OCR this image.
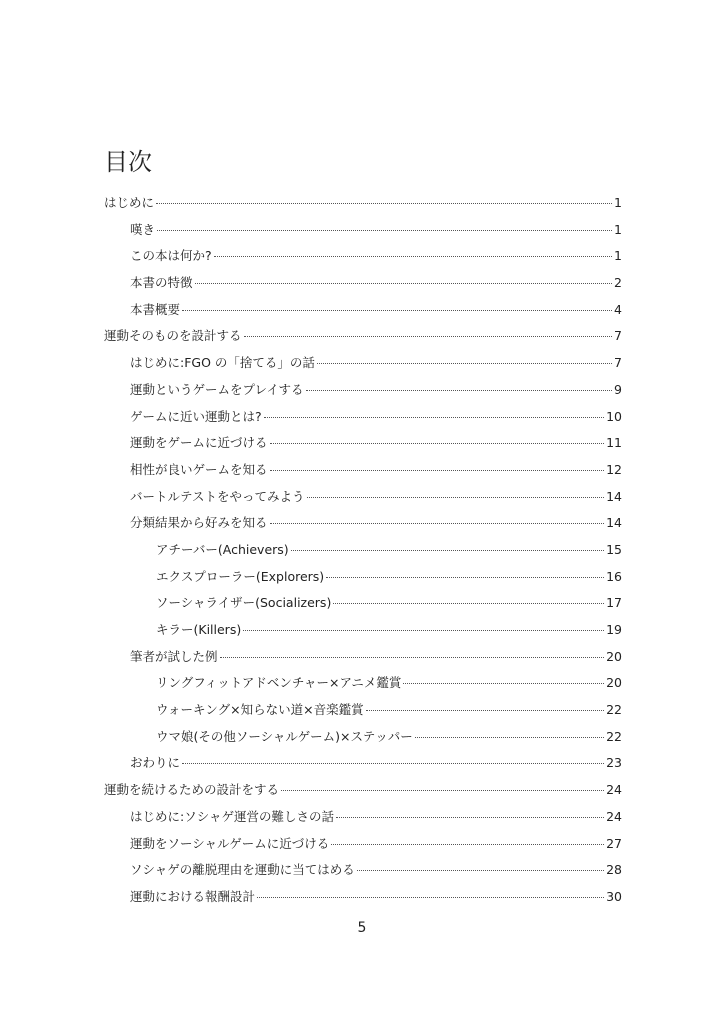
目次
はじめに	1
嘆き	1
この本は何か?	1
本書の特徴	2
本書概要	4
運動そのものを設計する	7
はじめに:FGO の「捨てる」の話	7
運動というゲームをプレイする	9
ゲームに近い運動とは?	10
運動をゲームに近づける	11
相性が良いゲームを知る	12
バートルテストをやってみよう	14
分類結果から好みを知る	14
アチーバー(Achievers)	15
エクスプローラー(Explorers)	16
ソーシャライザー(Socializers)	17
キラー(Killers)	19
筆者が試した例	20
リングフィットアドベンチャー×アニメ鑑賞	20
ウォーキング×知らない道×音楽鑑賞	22
ウマ娘(その他ソーシャルゲーム)×ステッパー	22
おわりに	23
運動を続けるための設計をする	24
はじめに:ソシャゲ運営の難しさの話	24
運動をソーシャルゲームに近づける	27
ソシャゲの離脱理由を運動に当てはめる	28
運動における報酬設計	30
5
